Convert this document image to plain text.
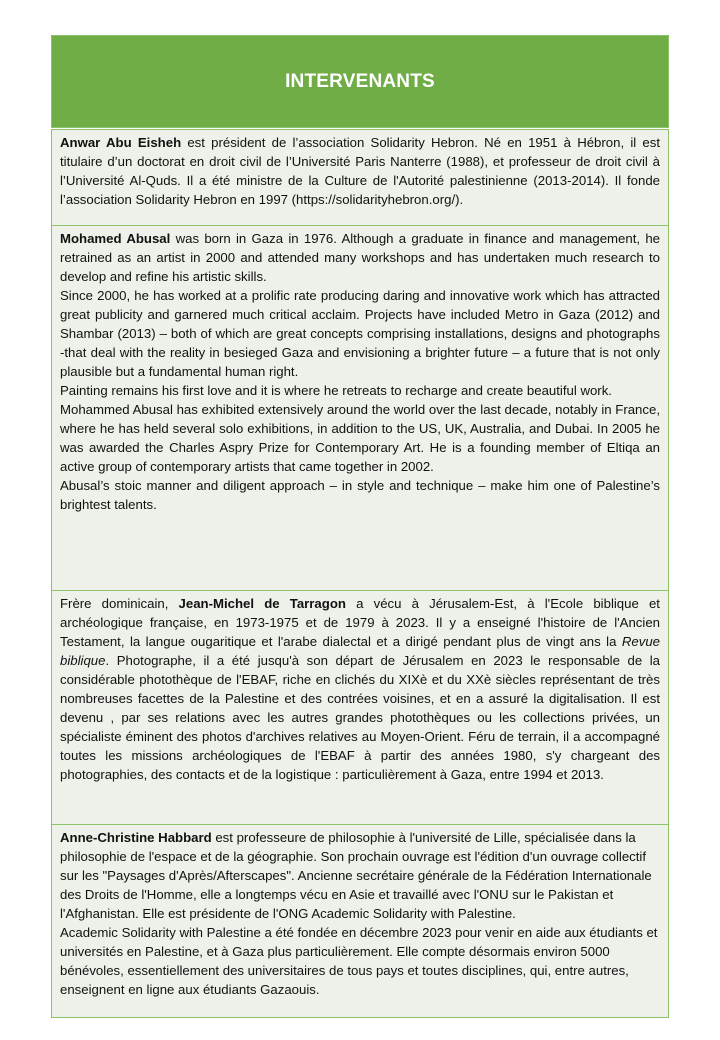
INTERVENANTS

Anwar Abu Eisheh est président de l’association Solidarity Hebron. Né en 1951 à Hébron, il est titulaire d’un doctorat en droit civil de l’Université Paris Nanterre (1988), et professeur de droit civil à l’Université Al-Quds. Il a été ministre de la Culture de l'Autorité palestinienne (2013-2014). Il fonde l’association Solidarity Hebron en 1997 (https://solidarityhebron.org/).

Mohamed Abusal was born in Gaza in 1976. Although a graduate in finance and management, he retrained as an artist in 2000 and attended many workshops and has undertaken much research to develop and refine his artistic skills.

Since 2000, he has worked at a prolific rate producing daring and innovative work which has attracted great publicity and garnered much critical acclaim. Projects have included Metro in Gaza (2012) and Shambar (2013) – both of which are great concepts comprising installations, designs and photographs -that deal with the reality in besieged Gaza and envisioning a brighter future – a future that is not only plausible but a fundamental human right.

Painting remains his first love and it is where he retreats to recharge and create beautiful work.

Mohammed Abusal has exhibited extensively around the world over the last decade, notably in France, where he has held several solo exhibitions, in addition to the US, UK, Australia, and Dubai. In 2005 he was awarded the Charles Aspry Prize for Contemporary Art. He is a founding member of Eltiqa an active group of contemporary artists that came together in 2002.

Abusal’s stoic manner and diligent approach – in style and technique – make him one of Palestine’s brightest talents.

Frère dominicain, Jean-Michel de Tarragon a vécu à Jérusalem-Est, à l'Ecole biblique et archéologique française, en 1973-1975 et de 1979 à 2023. Il y a enseigné l'histoire de l'Ancien Testament, la langue ougaritique et l'arabe dialectal et a dirigé pendant plus de vingt ans la Revue biblique. Photographe, il a été jusqu'à son départ de Jérusalem en 2023 le responsable de la considérable photothèque de l'EBAF, riche en clichés du XIXè et du XXè siècles représentant de très nombreuses facettes de la Palestine et des contrées voisines, et en a assuré la digitalisation. Il est devenu , par ses relations avec les autres grandes photothèques ou les collections privées, un spécialiste éminent des photos d'archives relatives au Moyen-Orient. Féru de terrain, il a accompagné toutes les missions archéologiques de l'EBAF à partir des années 1980, s'y chargeant des photographies, des contacts et de la logistique : particulièrement à Gaza, entre 1994 et 2013.

Anne-Christine Habbard est professeure de philosophie à l'université de Lille, spécialisée dans la philosophie de l'espace et de la géographie. Son prochain ouvrage est l'édition d'un ouvrage collectif sur les "Paysages d'Après/Afterscapes". Ancienne secrétaire générale de la Fédération Internationale des Droits de l'Homme, elle a longtemps vécu en Asie et travaillé avec l'ONU sur le Pakistan et l'Afghanistan. Elle est présidente de l'ONG Academic Solidarity with Palestine.

Academic Solidarity with Palestine a été fondée en décembre 2023 pour venir en aide aux étudiants et universités en Palestine, et à Gaza plus particulièrement. Elle compte désormais environ 5000 bénévoles, essentiellement des universitaires de tous pays et toutes disciplines, qui, entre autres, enseignent en ligne aux étudiants Gazaouis.
